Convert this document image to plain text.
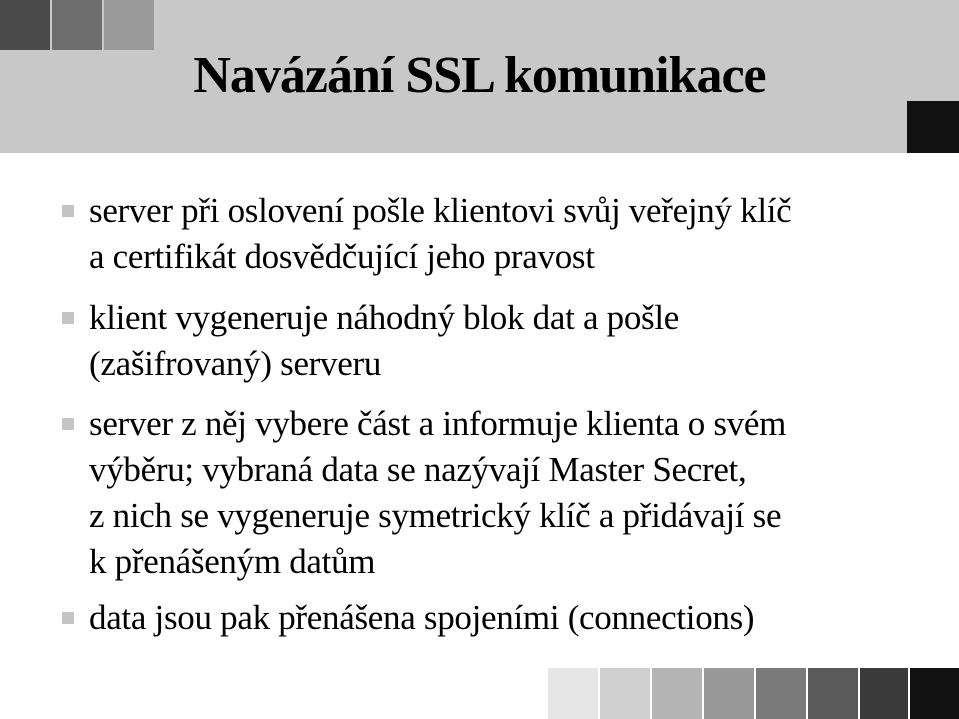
Navázání SSL komunikace
server při oslovení pošle klientovi svůj veřejný klíč
a certifikát dosvědčující jeho pravost
klient vygeneruje náhodný blok dat a pošle
(zašifrovaný) serveru
server z něj vybere část a informuje klienta o svém
výběru; vybraná data se nazývají Master Secret,
z nich se vygeneruje symetrický klíč a přidávají se
k přenášeným datům
data jsou pak přenášena spojeními (connections)
